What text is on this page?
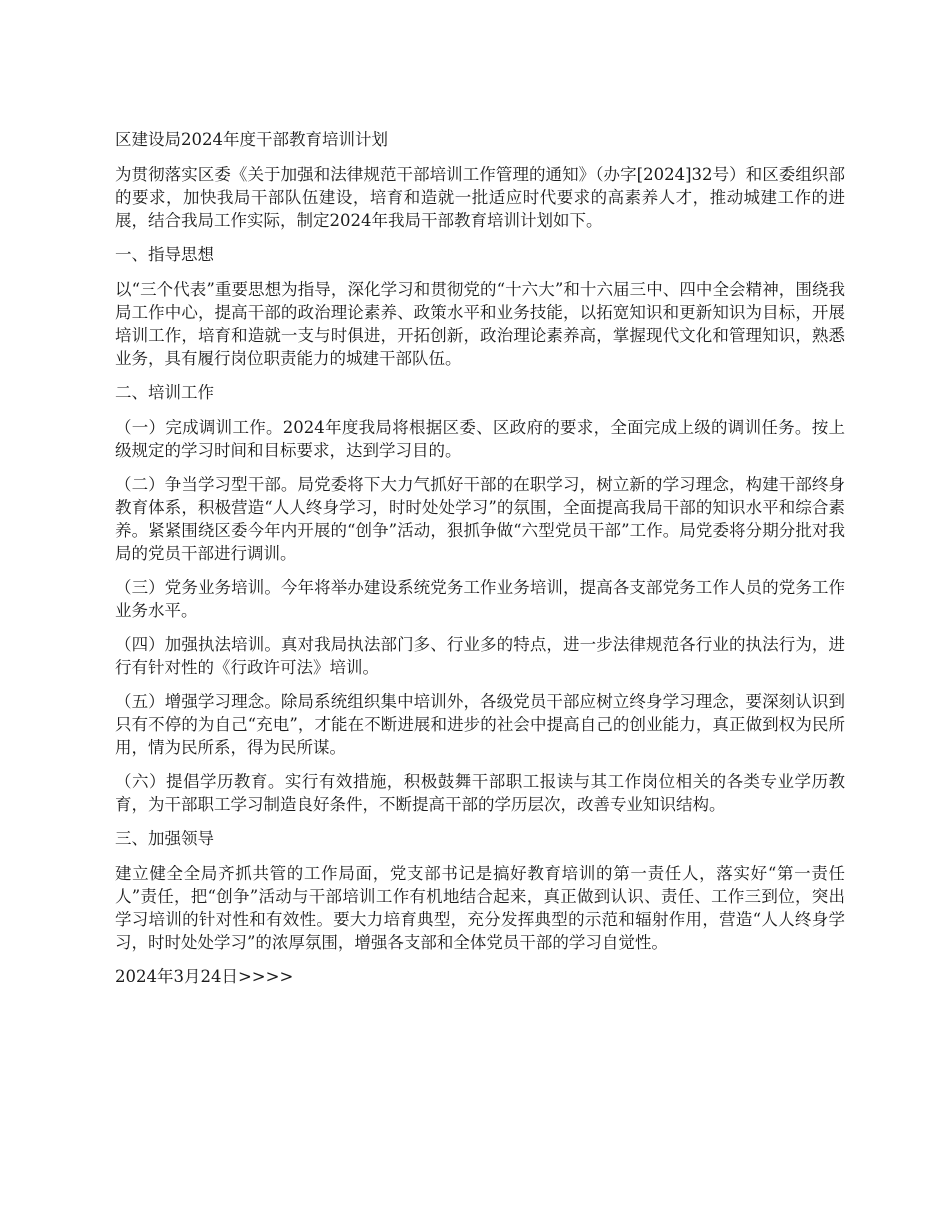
区建设局2024年度干部教育培训计划

为贯彻落实区委《关于加强和法律规范干部培训工作管理的通知》（办字[2024]32号）和区委组织部的要求，加快我局干部队伍建设，培育和造就一批适应时代要求的高素养人才，推动城建工作的进展，结合我局工作实际，制定2024年我局干部教育培训计划如下。

一、指导思想

以“三个代表”重要思想为指导，深化学习和贯彻党的“十六大”和十六届三中、四中全会精神，围绕我局工作中心，提高干部的政治理论素养、政策水平和业务技能，以拓宽知识和更新知识为目标，开展培训工作，培育和造就一支与时俱进，开拓创新，政治理论素养高，掌握现代文化和管理知识，熟悉业务，具有履行岗位职责能力的城建干部队伍。

二、培训工作

（一）完成调训工作。2024年度我局将根据区委、区政府的要求，全面完成上级的调训任务。按上级规定的学习时间和目标要求，达到学习目的。

（二）争当学习型干部。局党委将下大力气抓好干部的在职学习，树立新的学习理念，构建干部终身教育体系，积极营造“人人终身学习，时时处处学习”的氛围，全面提高我局干部的知识水平和综合素养。紧紧围绕区委今年内开展的“创争”活动，狠抓争做“六型党员干部”工作。局党委将分期分批对我局的党员干部进行调训。

（三）党务业务培训。今年将举办建设系统党务工作业务培训，提高各支部党务工作人员的党务工作业务水平。

（四）加强执法培训。真对我局执法部门多、行业多的特点，进一步法律规范各行业的执法行为，进行有针对性的《行政许可法》培训。

（五）增强学习理念。除局系统组织集中培训外，各级党员干部应树立终身学习理念，要深刻认识到只有不停的为自己“充电”，才能在不断进展和进步的社会中提高自己的创业能力，真正做到权为民所用，情为民所系，得为民所谋。

（六）提倡学历教育。实行有效措施，积极鼓舞干部职工报读与其工作岗位相关的各类专业学历教育，为干部职工学习制造良好条件，不断提高干部的学历层次，改善专业知识结构。

三、加强领导

建立健全全局齐抓共管的工作局面，党支部书记是搞好教育培训的第一责任人，落实好“第一责任人”责任，把“创争”活动与干部培训工作有机地结合起来，真正做到认识、责任、工作三到位，突出学习培训的针对性和有效性。要大力培育典型，充分发挥典型的示范和辐射作用，营造“人人终身学习，时时处处学习”的浓厚氛围，增强各支部和全体党员干部的学习自觉性。

2024年3月24日>>>>
